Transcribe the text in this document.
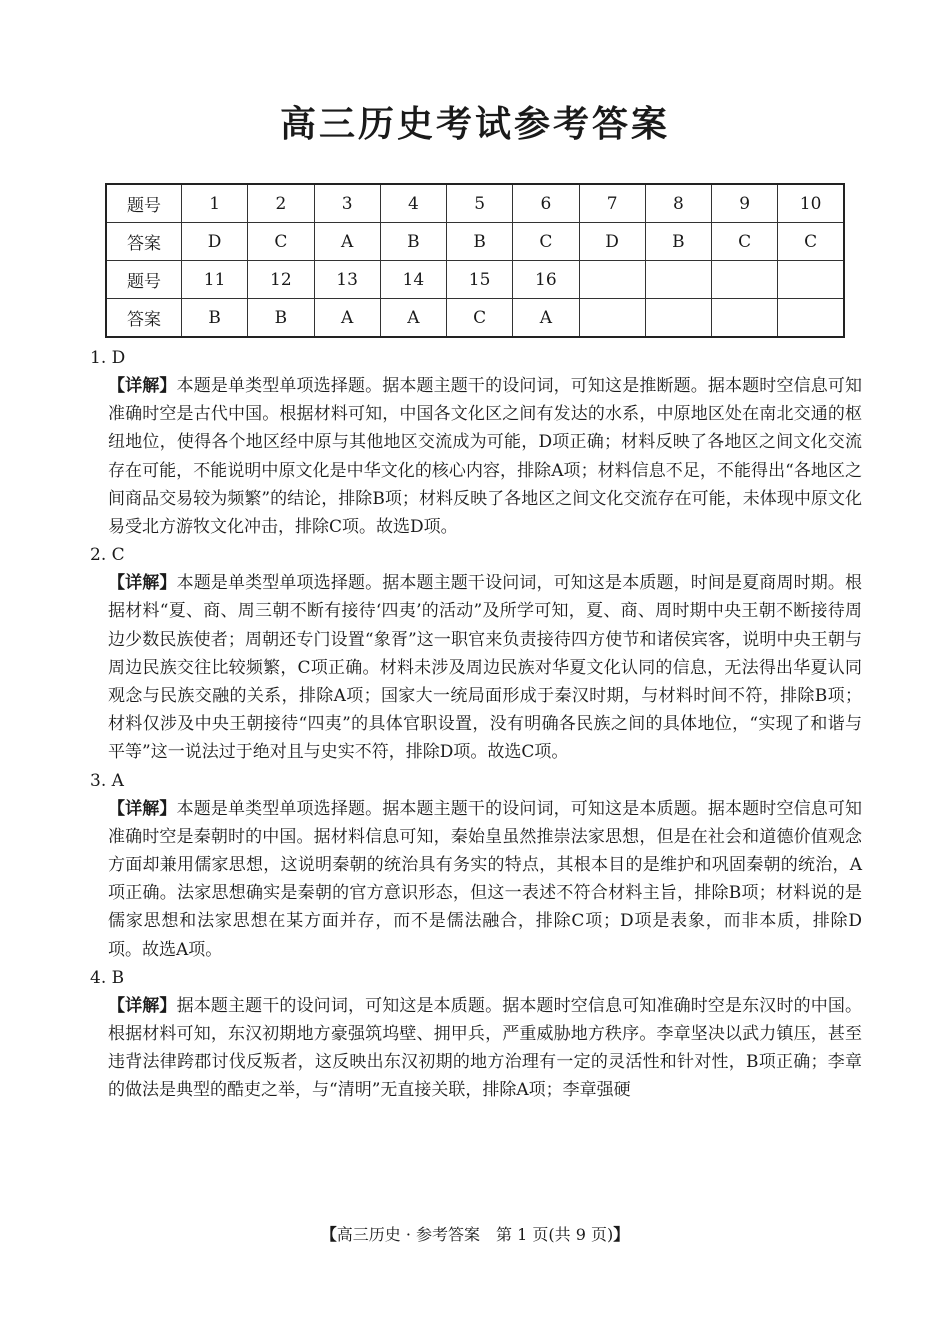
高三历史考试参考答案
题号	1	2	3	4	5	6	7	8	9	10
答案	D	C	A	B	B	C	D	B	C	C
题号	11	12	13	14	15	16				
答案	B	B	A	A	C	A				

1. D

【详解】本题是单类型单项选择题。据本题主题干的设问词，可知这是推断题。据本题时空信息可知准确时空是古代中国。根据材料可知，中国各文化区之间有发达的水系，中原地区处在南北交通的枢纽地位，使得各个地区经中原与其他地区交流成为可能，D项正确；材料反映了各地区之间文化交流存在可能，不能说明中原文化是中华文化的核心内容，排除A项；材料信息不足，不能得出“各地区之间商品交易较为频繁”的结论，排除B项；材料反映了各地区之间文化交流存在可能，未体现中原文化易受北方游牧文化冲击，排除C项。故选D项。

2. C

【详解】本题是单类型单项选择题。据本题主题干设问词，可知这是本质题，时间是夏商周时期。根据材料“夏、商、周三朝不断有接待‘四夷’的活动”及所学可知，夏、商、周时期中央王朝不断接待周边少数民族使者；周朝还专门设置“象胥”这一职官来负责接待四方使节和诸侯宾客，说明中央王朝与周边民族交往比较频繁，C项正确。材料未涉及周边民族对华夏文化认同的信息，无法得出华夏认同观念与民族交融的关系，排除A项；国家大一统局面形成于秦汉时期，与材料时间不符，排除B项；材料仅涉及中央王朝接待“四夷”的具体官职设置，没有明确各民族之间的具体地位，“实现了和谐与平等”这一说法过于绝对且与史实不符，排除D项。故选C项。

3. A

【详解】本题是单类型单项选择题。据本题主题干的设问词，可知这是本质题。据本题时空信息可知准确时空是秦朝时的中国。据材料信息可知，秦始皇虽然推崇法家思想，但是在社会和道德价值观念方面却兼用儒家思想，这说明秦朝的统治具有务实的特点，其根本目的是维护和巩固秦朝的统治，A项正确。法家思想确实是秦朝的官方意识形态，但这一表述不符合材料主旨，排除B项；材料说的是儒家思想和法家思想在某方面并存，而不是儒法融合，排除C项；D项是表象，而非本质，排除D项。故选A项。

4. B

【详解】据本题主题干的设问词，可知这是本质题。据本题时空信息可知准确时空是东汉时的中国。根据材料可知，东汉初期地方豪强筑坞壁、拥甲兵，严重威胁地方秩序。李章坚决以武力镇压，甚至违背法律跨郡讨伐反叛者，这反映出东汉初期的地方治理有一定的灵活性和针对性，B项正确；李章的做法是典型的酷吏之举，与“清明”无直接关联，排除A项；李章强硬

【高三历史 · 参考答案　 第 1 页(共 9 页)】
